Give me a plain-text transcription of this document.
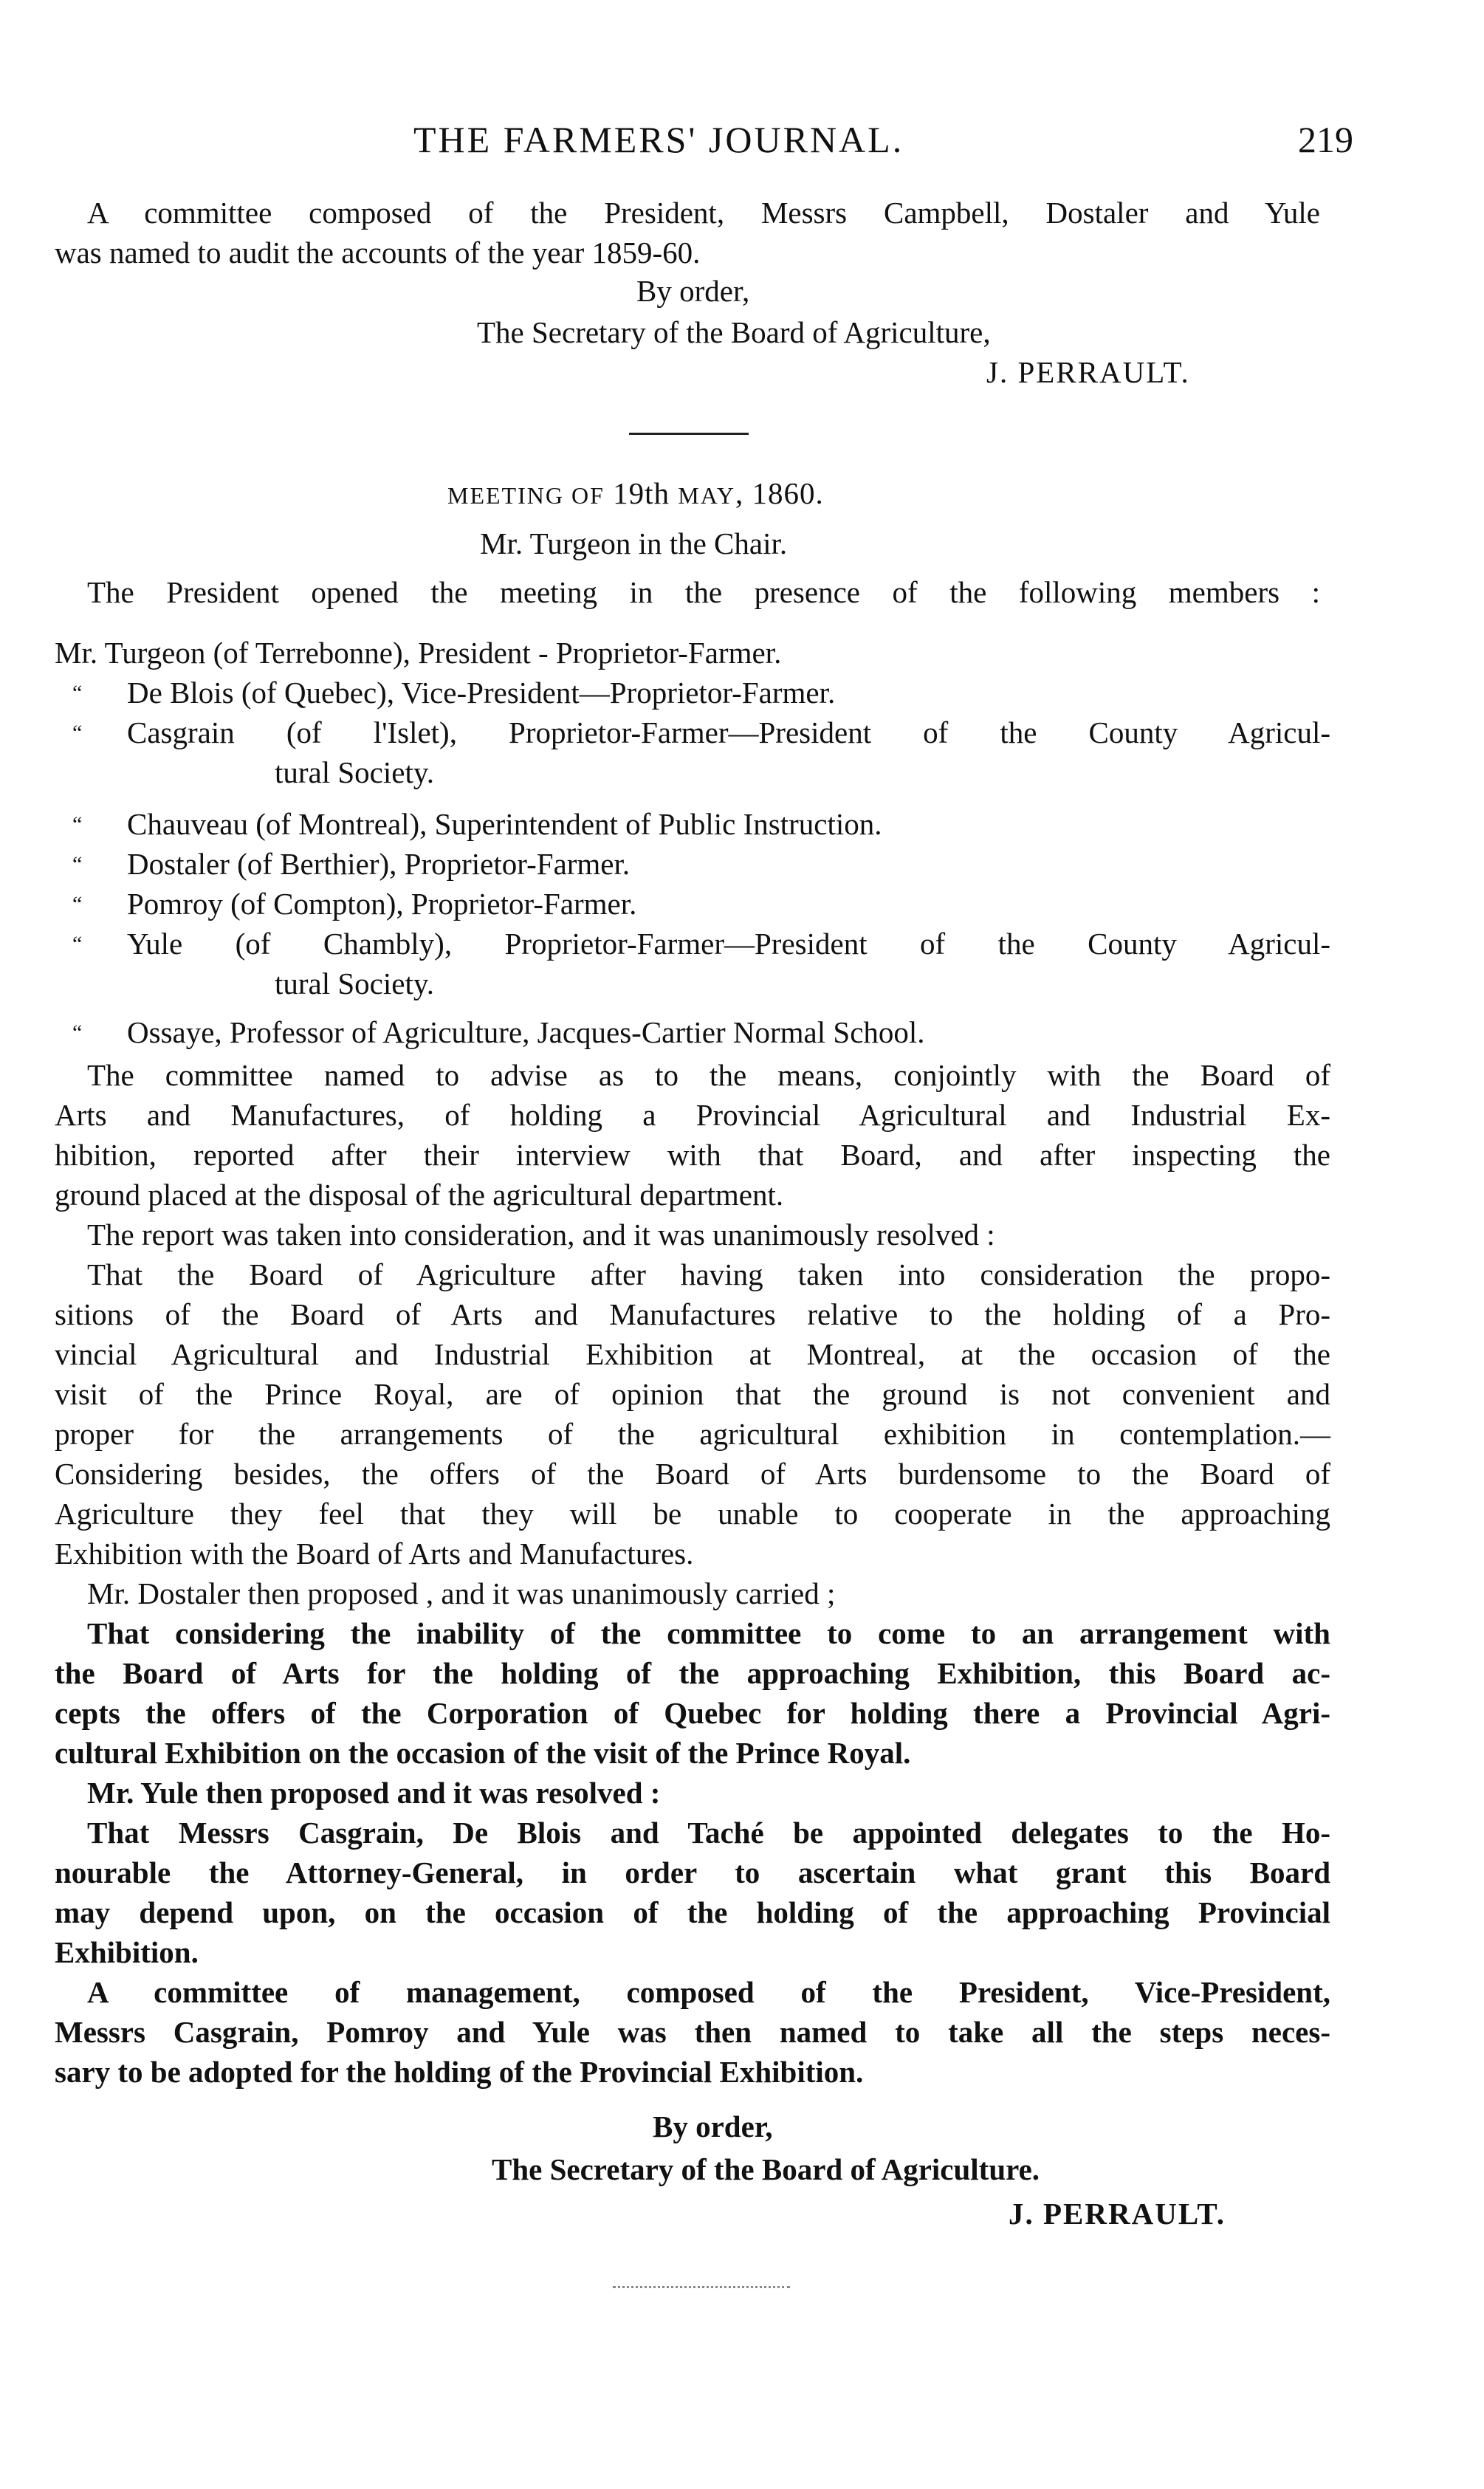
THE FARMERS' JOURNAL.	219
A committee composed of the President, Messrs Campbell, Dostaler and Yule
was named to audit the accounts of the year 1859-60.
By order,
The Secretary of the Board of Agriculture,
J. PERRAULT.
MEETING OF 19th MAY, 1860.
Mr. Turgeon in the Chair.
The President opened the meeting in the presence of the following members :
Mr. Turgeon (of Terrebonne), President - Proprietor-Farmer.
“ De Blois (of Quebec), Vice-President—Proprietor-Farmer.
“ Casgrain (of l'Islet), Proprietor-Farmer—President of the County Agricul-
tural Society.
“ Chauveau (of Montreal), Superintendent of Public Instruction.
“ Dostaler (of Berthier), Proprietor-Farmer.
“ Pomroy (of Compton), Proprietor-Farmer.
“ Yule (of Chambly), Proprietor-Farmer—President of the County Agricul-
tural Society.
“ Ossaye, Professor of Agriculture, Jacques-Cartier Normal School.
The committee named to advise as to the means, conjointly with the Board of
Arts and Manufactures, of holding a Provincial Agricultural and Industrial Ex-
hibition, reported after their interview with that Board, and after inspecting the
ground placed at the disposal of the agricultural department.
The report was taken into consideration, and it was unanimously resolved :
That the Board of Agriculture after having taken into consideration the propo-
sitions of the Board of Arts and Manufactures relative to the holding of a Pro-
vincial Agricultural and Industrial Exhibition at Montreal, at the occasion of the
visit of the Prince Royal, are of opinion that the ground is not convenient and
proper for the arrangements of the agricultural exhibition in contemplation.—
Considering besides, the offers of the Board of Arts burdensome to the Board of
Agriculture they feel that they will be unable to cooperate in the approaching
Exhibition with the Board of Arts and Manufactures.
Mr. Dostaler then proposed , and it was unanimously carried ;
That considering the inability of the committee to come to an arrangement with
the Board of Arts for the holding of the approaching Exhibition, this Board ac-
cepts the offers of the Corporation of Quebec for holding there a Provincial Agri-
cultural Exhibition on the occasion of the visit of the Prince Royal.
Mr. Yule then proposed and it was resolved :
That Messrs Casgrain, De Blois and Taché be appointed delegates to the Ho-
nourable the Attorney-General, in order to ascertain what grant this Board
may depend upon, on the occasion of the holding of the approaching Provincial
Exhibition.
A committee of management, composed of the President, Vice-President,
Messrs Casgrain, Pomroy and Yule was then named to take all the steps neces-
sary to be adopted for the holding of the Provincial Exhibition.
By order,
The Secretary of the Board of Agriculture.
J. PERRAULT.
